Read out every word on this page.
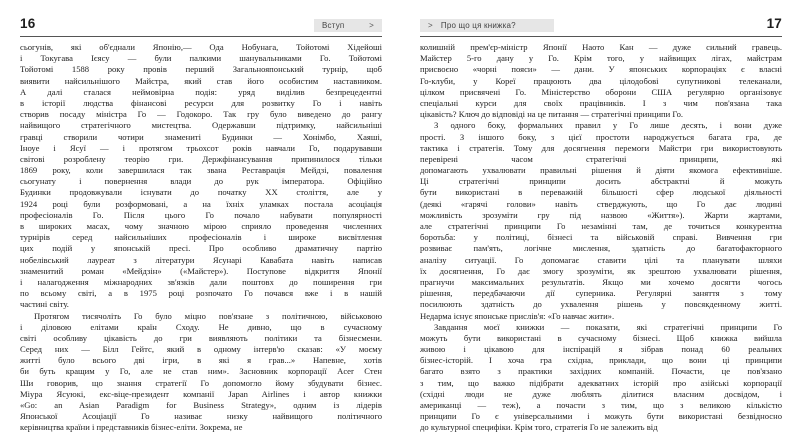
16	Вступ	>
сьогунів, які об'єднали Японію,— Ода Нобунага, Тойотомі Хідейоші
і Токугава Ієясу — були палкими шанувальниками Го. Тойотомі
Тойотомі 1588 року провів перший Загальнояпонський турнір, щоб
виявити найсильнішого Майстра, який став його особистим наставником.
А далі сталася неймовірна подія: уряд виділив безпрецедентні
в історії людства фінансові ресурси для розвитку Го і навіть
створив посаду міністра Го — Годокоро. Так гру було виведено до рангу
найвищого стратегічного мистецтва. Одержавши підтримку, найсильніші
гравці створили чотири знамениті Будинки — Хонімбо, Хаяші,
Іноуе і Ясуї — і протягом трьохсот років навчали Го, подарувавши
світові розроблену теорію гри. Держфінансування припинилося тільки
1869 року, коли завершилася так звана Реставрація Мейдзі, повалення
сьогунату і повернення влади до рук імператора. Офіційно
Будинки продовжували існувати до початку XX століття, але у
1924 році були розформовані, а на їхніх уламках постала асоціація
професіоналів Го. Після цього Го почало набувати популярності
в широких масах, чому значною мірою сприяло проведення численних
турнірів серед найсильніших професіоналів і широке висвітлення
цих подій у японській пресі. Про особливо драматичну партію
нобелівський лауреат з літератури Ясунарі Кавабата навіть написав
знаменитий роман «Мейдзін» («Майстер»). Поступове відкриття Японії
і налагодження міжнародних зв'язків дали поштовх до поширення гри
по всьому світі, а в 1975 році розпочато Го почався вже і в нашій
частині світу.
Протягом тисячоліть Го було міцно пов'язане з політичною, військовою
і діловою елітами країн Сходу. Не дивно, що в сучасному
світі особливу цікавість до гри виявляють політики та бізнесмени.
Серед них — Білл Гейтс, який в одному інтерв'ю сказав: «У моєму
житті було всього дві ігри, в які я грав...» Напевне, хотів
би буть кращим у Го, але не став ним». Засновник корпорації Acer Стен
Ши говорив, що знання стратегії Го допомогло йому збудувати бізнес.
Міура Ясуюкі, екс-віце-президент компанії Japan Airlines і автор книжки
«Go: an Asian Paradigm for Business Strategy», одним із лідерів
Японської Асоціації Го називає низку найвищого політичного
керівництва країни і представників бізнес-еліти. Зокрема, не
> Про що ця книжка?	17
колишній прем'єр-міністр Японії Наото Кан — дуже сильний гравець.
Майстер 5-го дану у Го. Крім того, у найвищих лігах, майстрам
присвоєно «чорні пояси» — дани. У японських корпораціях є власні
Го-клуби, у Кореї працюють два цілодобові супутникові телеканали,
цілком присвячені Го. Міністерство оборони США регулярно організовує
спеціальні курси для своїх працівників. І з чим пов'язана така
цікавість? Ключ до відповіді на це питання — стратегічні принципи Го.
З одного боку, формальних правил у Го лише десять, і вони дуже
прості. З іншого боку, з цієї простоти народжується багата гра, де
тактика і стратегія. Тому для досягнення перемоги Майстри гри використовують
перевірені часом стратегічні принципи, які
допомагають ухвалювати правильні рішення й діяти якомога ефективніше.
Ці стратегічні принципи досить абстрактні й можуть
бути використані в переважній більшості сфер людської діяльності
(деякі «гарячі голови» навіть стверджують, що Го дає людині
можливість зрозуміти гру під назвою «Життя»). Жарти жартами,
але стратегічні принципи Го незамінні там, де точиться конкурентна
боротьба: у політиці, бізнесі та військовій справі. Вивчення гри
розвиває пам'ять, логічне мислення, здатність до багатофакторного
аналізу ситуації. Го допомагає ставити цілі та планувати шляхи
їх досягнення, Го дає змогу зрозуміти, як зрештою ухвалювати рішення,
прагнучи максимальних результатів. Якщо ми хочемо досягти чогось
рішення, передбачаючи дії суперника. Регулярні заняття з тому
посилюють здатність до ухвалення рішень у повсякденному житті.
Недарма існує японське прислів'я: «Го навчає жити».
Завдання моєї книжки — показати, які стратегічні принципи Го
можуть бути використані в сучасному бізнесі. Щоб книжка вийшла
живою і цікавою для інспірацій я зібрав понад 60 реальних
бізнес-історій. І хоча гра східна, приклади, що вони ці принципи
багато взято з практики західних компаній. Почасти, це пов'язано
з тим, що важко підібрати адекватних історій про азійські корпорації
(східні люди не дуже люблять ділитися власним досвідом, і
американці — теж), а почасти з тим, що з великою кількістю
принципи Го є універсальними і можуть бути використані безвідносно
до культурної специфіки. Крім того, стратегія Го не залежить від
